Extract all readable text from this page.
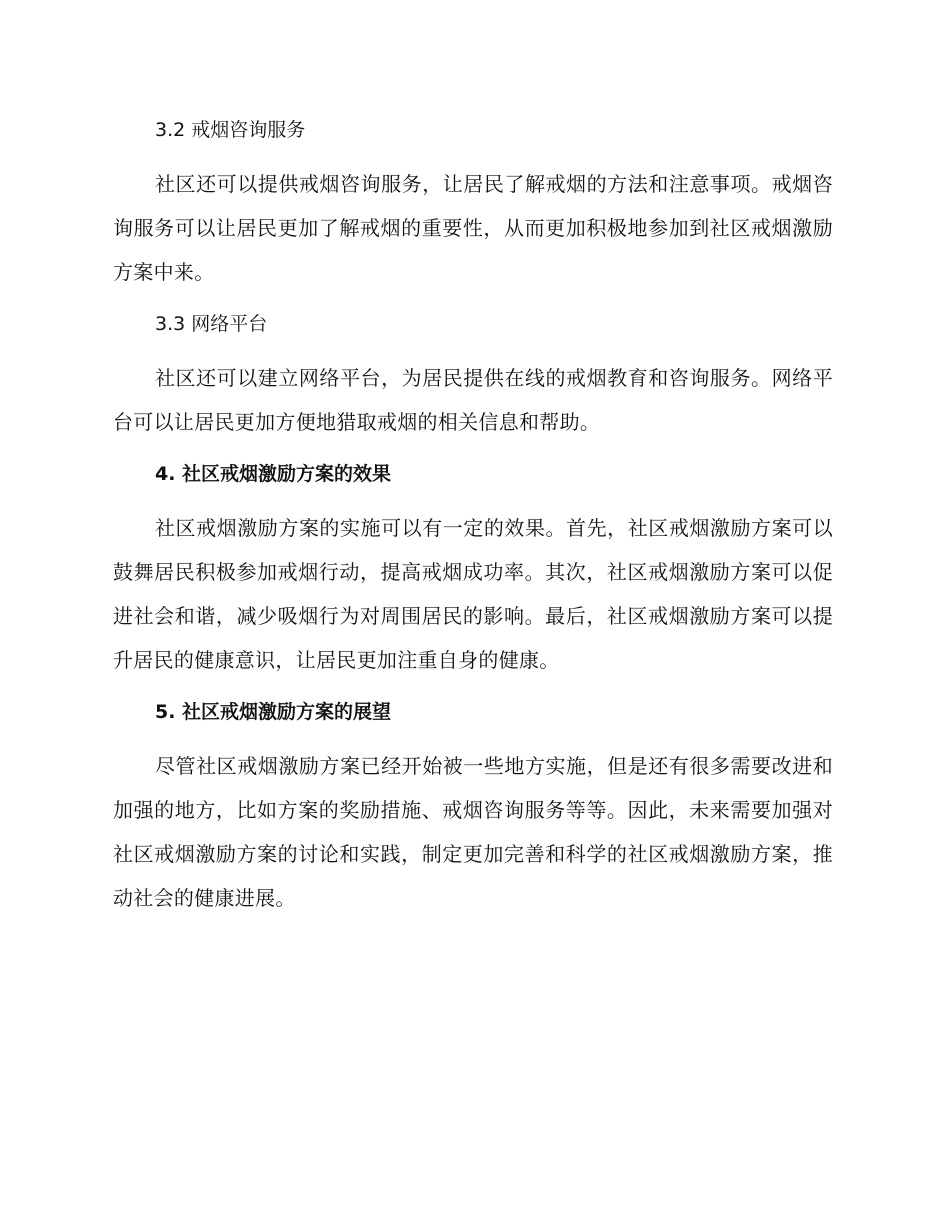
3.2 戒烟咨询服务

社区还可以提供戒烟咨询服务，让居民了解戒烟的方法和注意事项。戒烟咨询服务可以让居民更加了解戒烟的重要性，从而更加积极地参加到社区戒烟激励方案中来。

3.3 网络平台

社区还可以建立网络平台，为居民提供在线的戒烟教育和咨询服务。网络平台可以让居民更加方便地猎取戒烟的相关信息和帮助。

4. 社区戒烟激励方案的效果

社区戒烟激励方案的实施可以有一定的效果。首先，社区戒烟激励方案可以鼓舞居民积极参加戒烟行动，提高戒烟成功率。其次，社区戒烟激励方案可以促进社会和谐，减少吸烟行为对周围居民的影响。最后，社区戒烟激励方案可以提升居民的健康意识，让居民更加注重自身的健康。

5. 社区戒烟激励方案的展望

尽管社区戒烟激励方案已经开始被一些地方实施，但是还有很多需要改进和加强的地方，比如方案的奖励措施、戒烟咨询服务等等。因此，未来需要加强对社区戒烟激励方案的讨论和实践，制定更加完善和科学的社区戒烟激励方案，推动社会的健康进展。
